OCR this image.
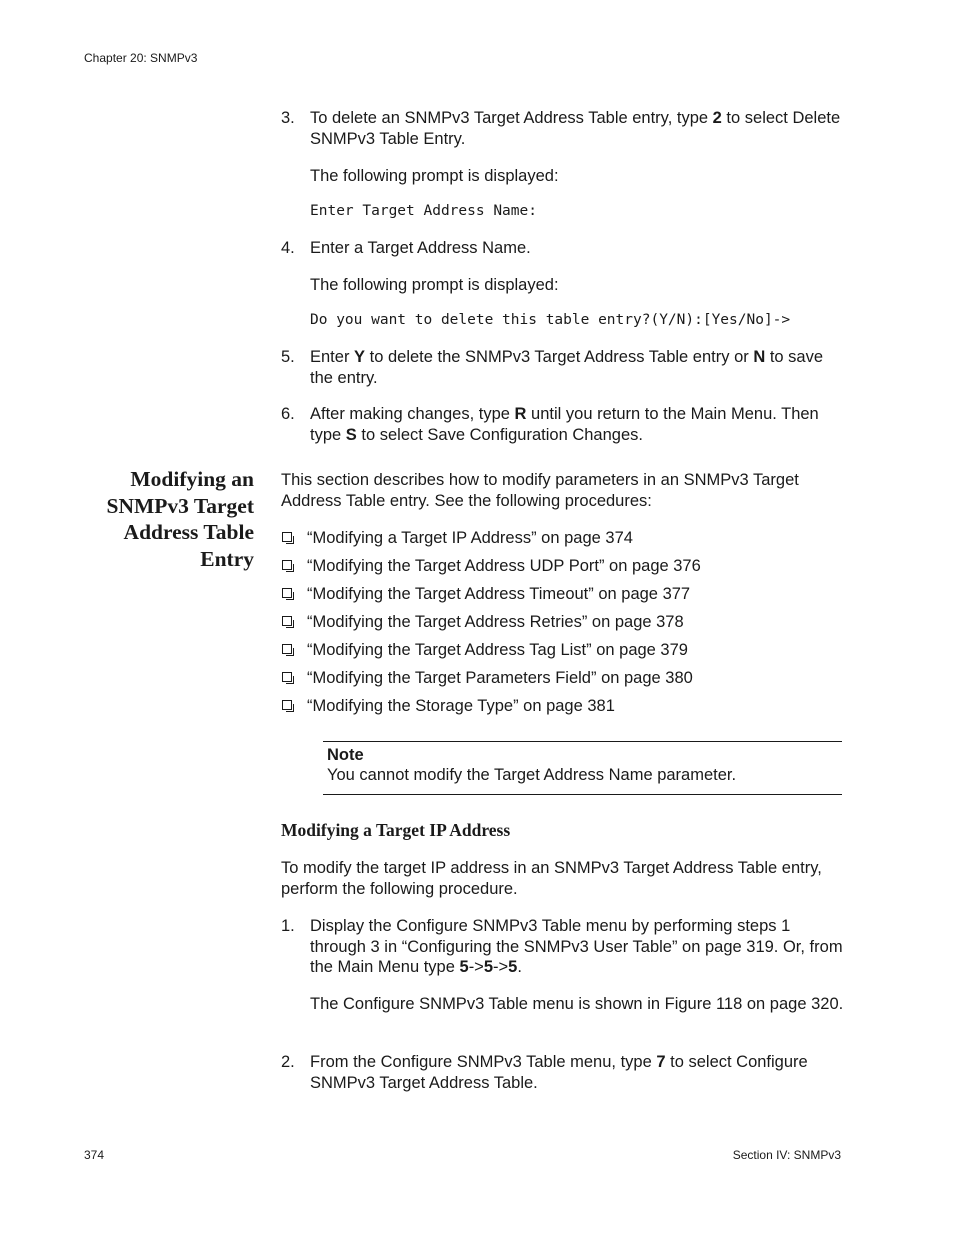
Chapter 20: SNMPv3
3. To delete an SNMPv3 Target Address Table entry, type 2 to select Delete SNMPv3 Table Entry.
The following prompt is displayed:
Enter Target Address Name:
4. Enter a Target Address Name.
The following prompt is displayed:
Do you want to delete this table entry?(Y/N):[Yes/No]->
5. Enter Y to delete the SNMPv3 Target Address Table entry or N to save the entry.
6. After making changes, type R until you return to the Main Menu. Then type S to select Save Configuration Changes.
Modifying an
SNMPv3 Target
Address Table
Entry
This section describes how to modify parameters in an SNMPv3 Target Address Table entry. See the following procedures:
“Modifying a Target IP Address” on page 374
“Modifying the Target Address UDP Port” on page 376
“Modifying the Target Address Timeout” on page 377
“Modifying the Target Address Retries” on page 378
“Modifying the Target Address Tag List” on page 379
“Modifying the Target Parameters Field” on page 380
“Modifying the Storage Type” on page 381
Note
You cannot modify the Target Address Name parameter.
Modifying a Target IP Address
To modify the target IP address in an SNMPv3 Target Address Table entry, perform the following procedure.
1. Display the Configure SNMPv3 Table menu by performing steps 1 through 3 in “Configuring the SNMPv3 User Table” on page 319. Or, from the Main Menu type 5->5->5.
The Configure SNMPv3 Table menu is shown in Figure 118 on page 320.
2. From the Configure SNMPv3 Table menu, type 7 to select Configure SNMPv3 Target Address Table.
374	Section IV: SNMPv3
